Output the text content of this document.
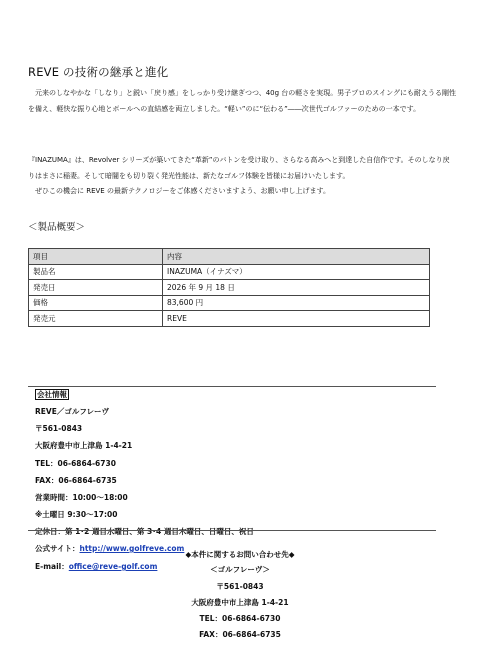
REVE の技術の継承と進化
元来のしなやかな「しなり」と鋭い「戻り感」をしっかり受け継ぎつつ、40g 台の軽さを実現。男子プロのスイングにも耐えうる剛性を備え、軽快な振り心地とボールへの直結感を両立しました。“軽い”のに“伝わる”――次世代ゴルファーのための一本です。
『INAZUMA』は、Revolver シリーズが築いてきた“革新”のバトンを受け取り、さらなる高みへと到達した自信作です。そのしなり戻りはまさに稲妻。そして暗闇をも切り裂く発光性能は、新たなゴルフ体験を皆様にお届けいたします。
ぜひこの機会に REVE の最新テクノロジーをご体感くださいますよう、お願い申し上げます。
＜製品概要＞
項目	内容
製品名	INAZUMA（イナズマ）
発売日	2026 年 9 月 18 日
価格	83,600 円
発売元	REVE
会社情報
REVE／ゴルフレーヴ
〒561-0843
大阪府豊中市上津島 1-4-21
TEL：06-6864-6730
FAX：06-6864-6735
営業時間：10:00～18:00
※土曜日 9:30～17:00
定休日：第 1･2 週目水曜日、第 3･4 週目木曜日、日曜日、祝日
公式サイト：http://www.golfreve.com
E-mail：office@reve-golf.com
◆本件に関するお問い合わせ先◆
＜ゴルフレーヴ＞
〒561-0843
大阪府豊中市上津島 1-4-21
TEL：06-6864-6730
FAX：06-6864-6735
